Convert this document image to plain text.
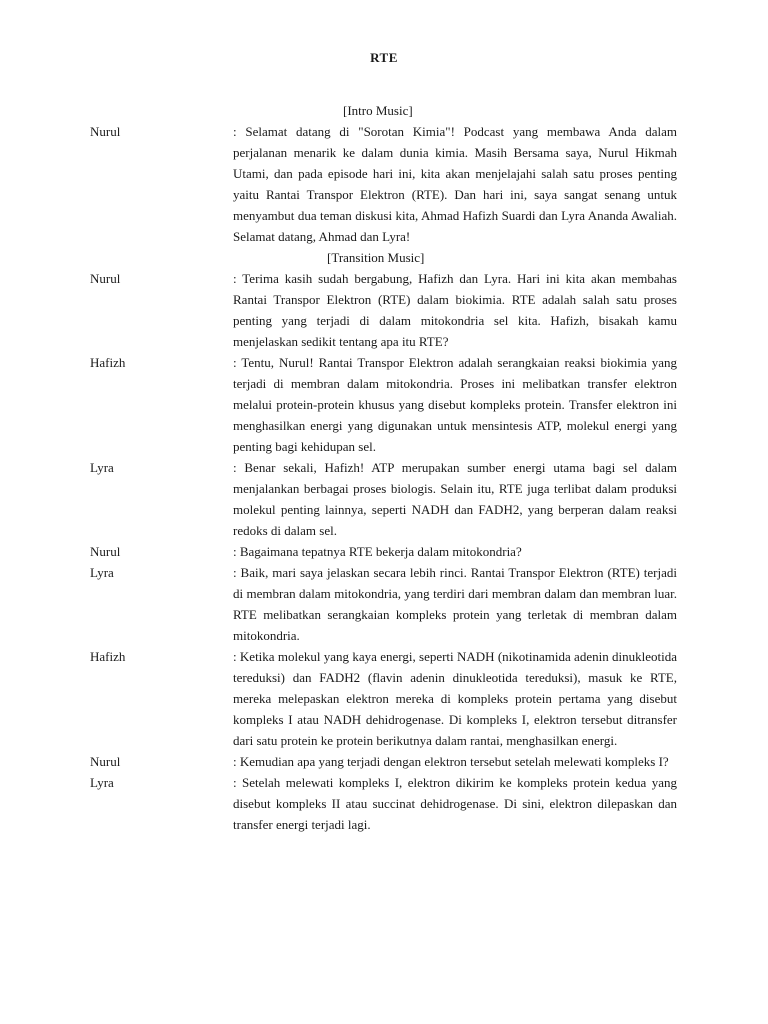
RTE
[Intro Music]
Nurul	: Selamat datang di "Sorotan Kimia"! Podcast yang membawa Anda dalam perjalanan menarik ke dalam dunia kimia. Masih Bersama saya, Nurul Hikmah Utami, dan pada episode hari ini, kita akan menjelajahi salah satu proses penting yaitu Rantai Transpor Elektron (RTE). Dan hari ini, saya sangat senang untuk menyambut dua teman diskusi kita, Ahmad Hafizh Suardi dan Lyra Ananda Awaliah. Selamat datang, Ahmad dan Lyra!
[Transition Music]
Nurul	: Terima kasih sudah bergabung, Hafizh dan Lyra. Hari ini kita akan membahas Rantai Transpor Elektron (RTE) dalam biokimia. RTE adalah salah satu proses penting yang terjadi di dalam mitokondria sel kita. Hafizh, bisakah kamu menjelaskan sedikit tentang apa itu RTE?
Hafizh	: Tentu, Nurul! Rantai Transpor Elektron adalah serangkaian reaksi biokimia yang terjadi di membran dalam mitokondria. Proses ini melibatkan transfer elektron melalui protein-protein khusus yang disebut kompleks protein. Transfer elektron ini menghasilkan energi yang digunakan untuk mensintesis ATP, molekul energi yang penting bagi kehidupan sel.
Lyra	: Benar sekali, Hafizh! ATP merupakan sumber energi utama bagi sel dalam menjalankan berbagai proses biologis. Selain itu, RTE juga terlibat dalam produksi molekul penting lainnya, seperti NADH dan FADH2, yang berperan dalam reaksi redoks di dalam sel.
Nurul	: Bagaimana tepatnya RTE bekerja dalam mitokondria?
Lyra	: Baik, mari saya jelaskan secara lebih rinci. Rantai Transpor Elektron (RTE) terjadi di membran dalam mitokondria, yang terdiri dari membran dalam dan membran luar. RTE melibatkan serangkaian kompleks protein yang terletak di membran dalam mitokondria.
Hafizh	: Ketika molekul yang kaya energi, seperti NADH (nikotinamida adenin dinukleotida tereduksi) dan FADH2 (flavin adenin dinukleotida tereduksi), masuk ke RTE, mereka melepaskan elektron mereka di kompleks protein pertama yang disebut kompleks I atau NADH dehidrogenase. Di kompleks I, elektron tersebut ditransfer dari satu protein ke protein berikutnya dalam rantai, menghasilkan energi.
Nurul	: Kemudian apa yang terjadi dengan elektron tersebut setelah melewati kompleks I?
Lyra	: Setelah melewati kompleks I, elektron dikirim ke kompleks protein kedua yang disebut kompleks II atau succinat dehidrogenase. Di sini, elektron dilepaskan dan transfer energi terjadi lagi.
